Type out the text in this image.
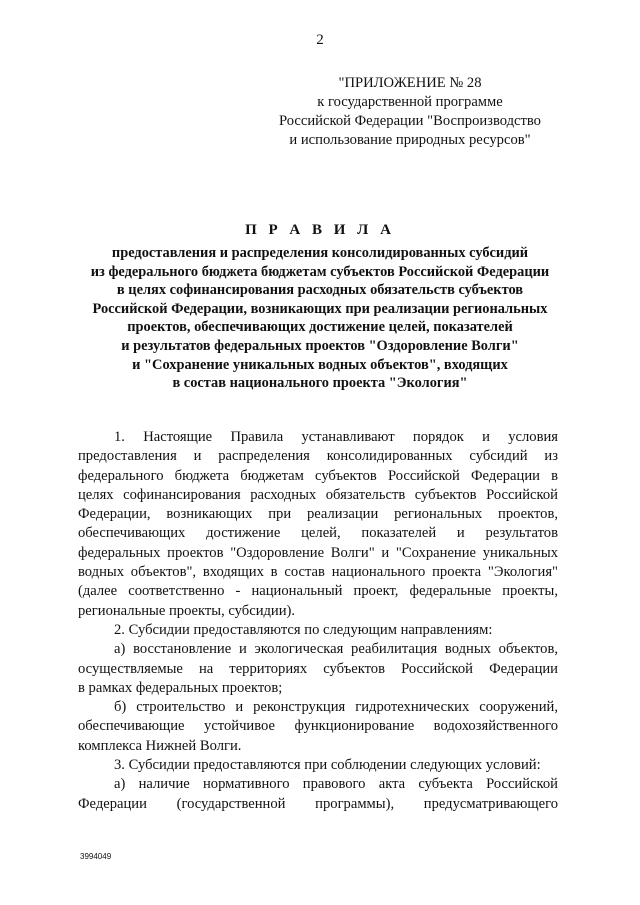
2
"ПРИЛОЖЕНИЕ № 28
к государственной программе
Российской Федерации "Воспроизводство
и использование природных ресурсов"
П Р А В И Л А
предоставления и распределения консолидированных субсидий
из федерального бюджета бюджетам субъектов Российской Федерации
в целях софинансирования расходных обязательств субъектов
Российской Федерации, возникающих при реализации региональных
проектов, обеспечивающих достижение целей, показателей
и результатов федеральных проектов "Оздоровление Волги"
и "Сохранение уникальных водных объектов", входящих
в состав национального проекта "Экология"
1. Настоящие Правила устанавливают порядок и условия
предоставления и распределения консолидированных субсидий из
федерального бюджета бюджетам субъектов Российской Федерации в
целях софинансирования расходных обязательств субъектов Российской
Федерации, возникающих при реализации региональных проектов,
обеспечивающих достижение целей, показателей и результатов
федеральных проектов "Оздоровление Волги" и "Сохранение уникальных
водных объектов", входящих в состав национального проекта "Экология"
(далее соответственно - национальный проект, федеральные проекты,
региональные проекты, субсидии).
2. Субсидии предоставляются по следующим направлениям:
а) восстановление и экологическая реабилитация водных объектов,
осуществляемые на территориях субъектов Российской Федерации
в рамках федеральных проектов;
б) строительство и реконструкция гидротехнических сооружений,
обеспечивающие устойчивое функционирование водохозяйственного
комплекса Нижней Волги.
3. Субсидии предоставляются при соблюдении следующих условий:
а) наличие нормативного правового акта субъекта Российской
Федерации (государственной программы), предусматривающего
3994049
